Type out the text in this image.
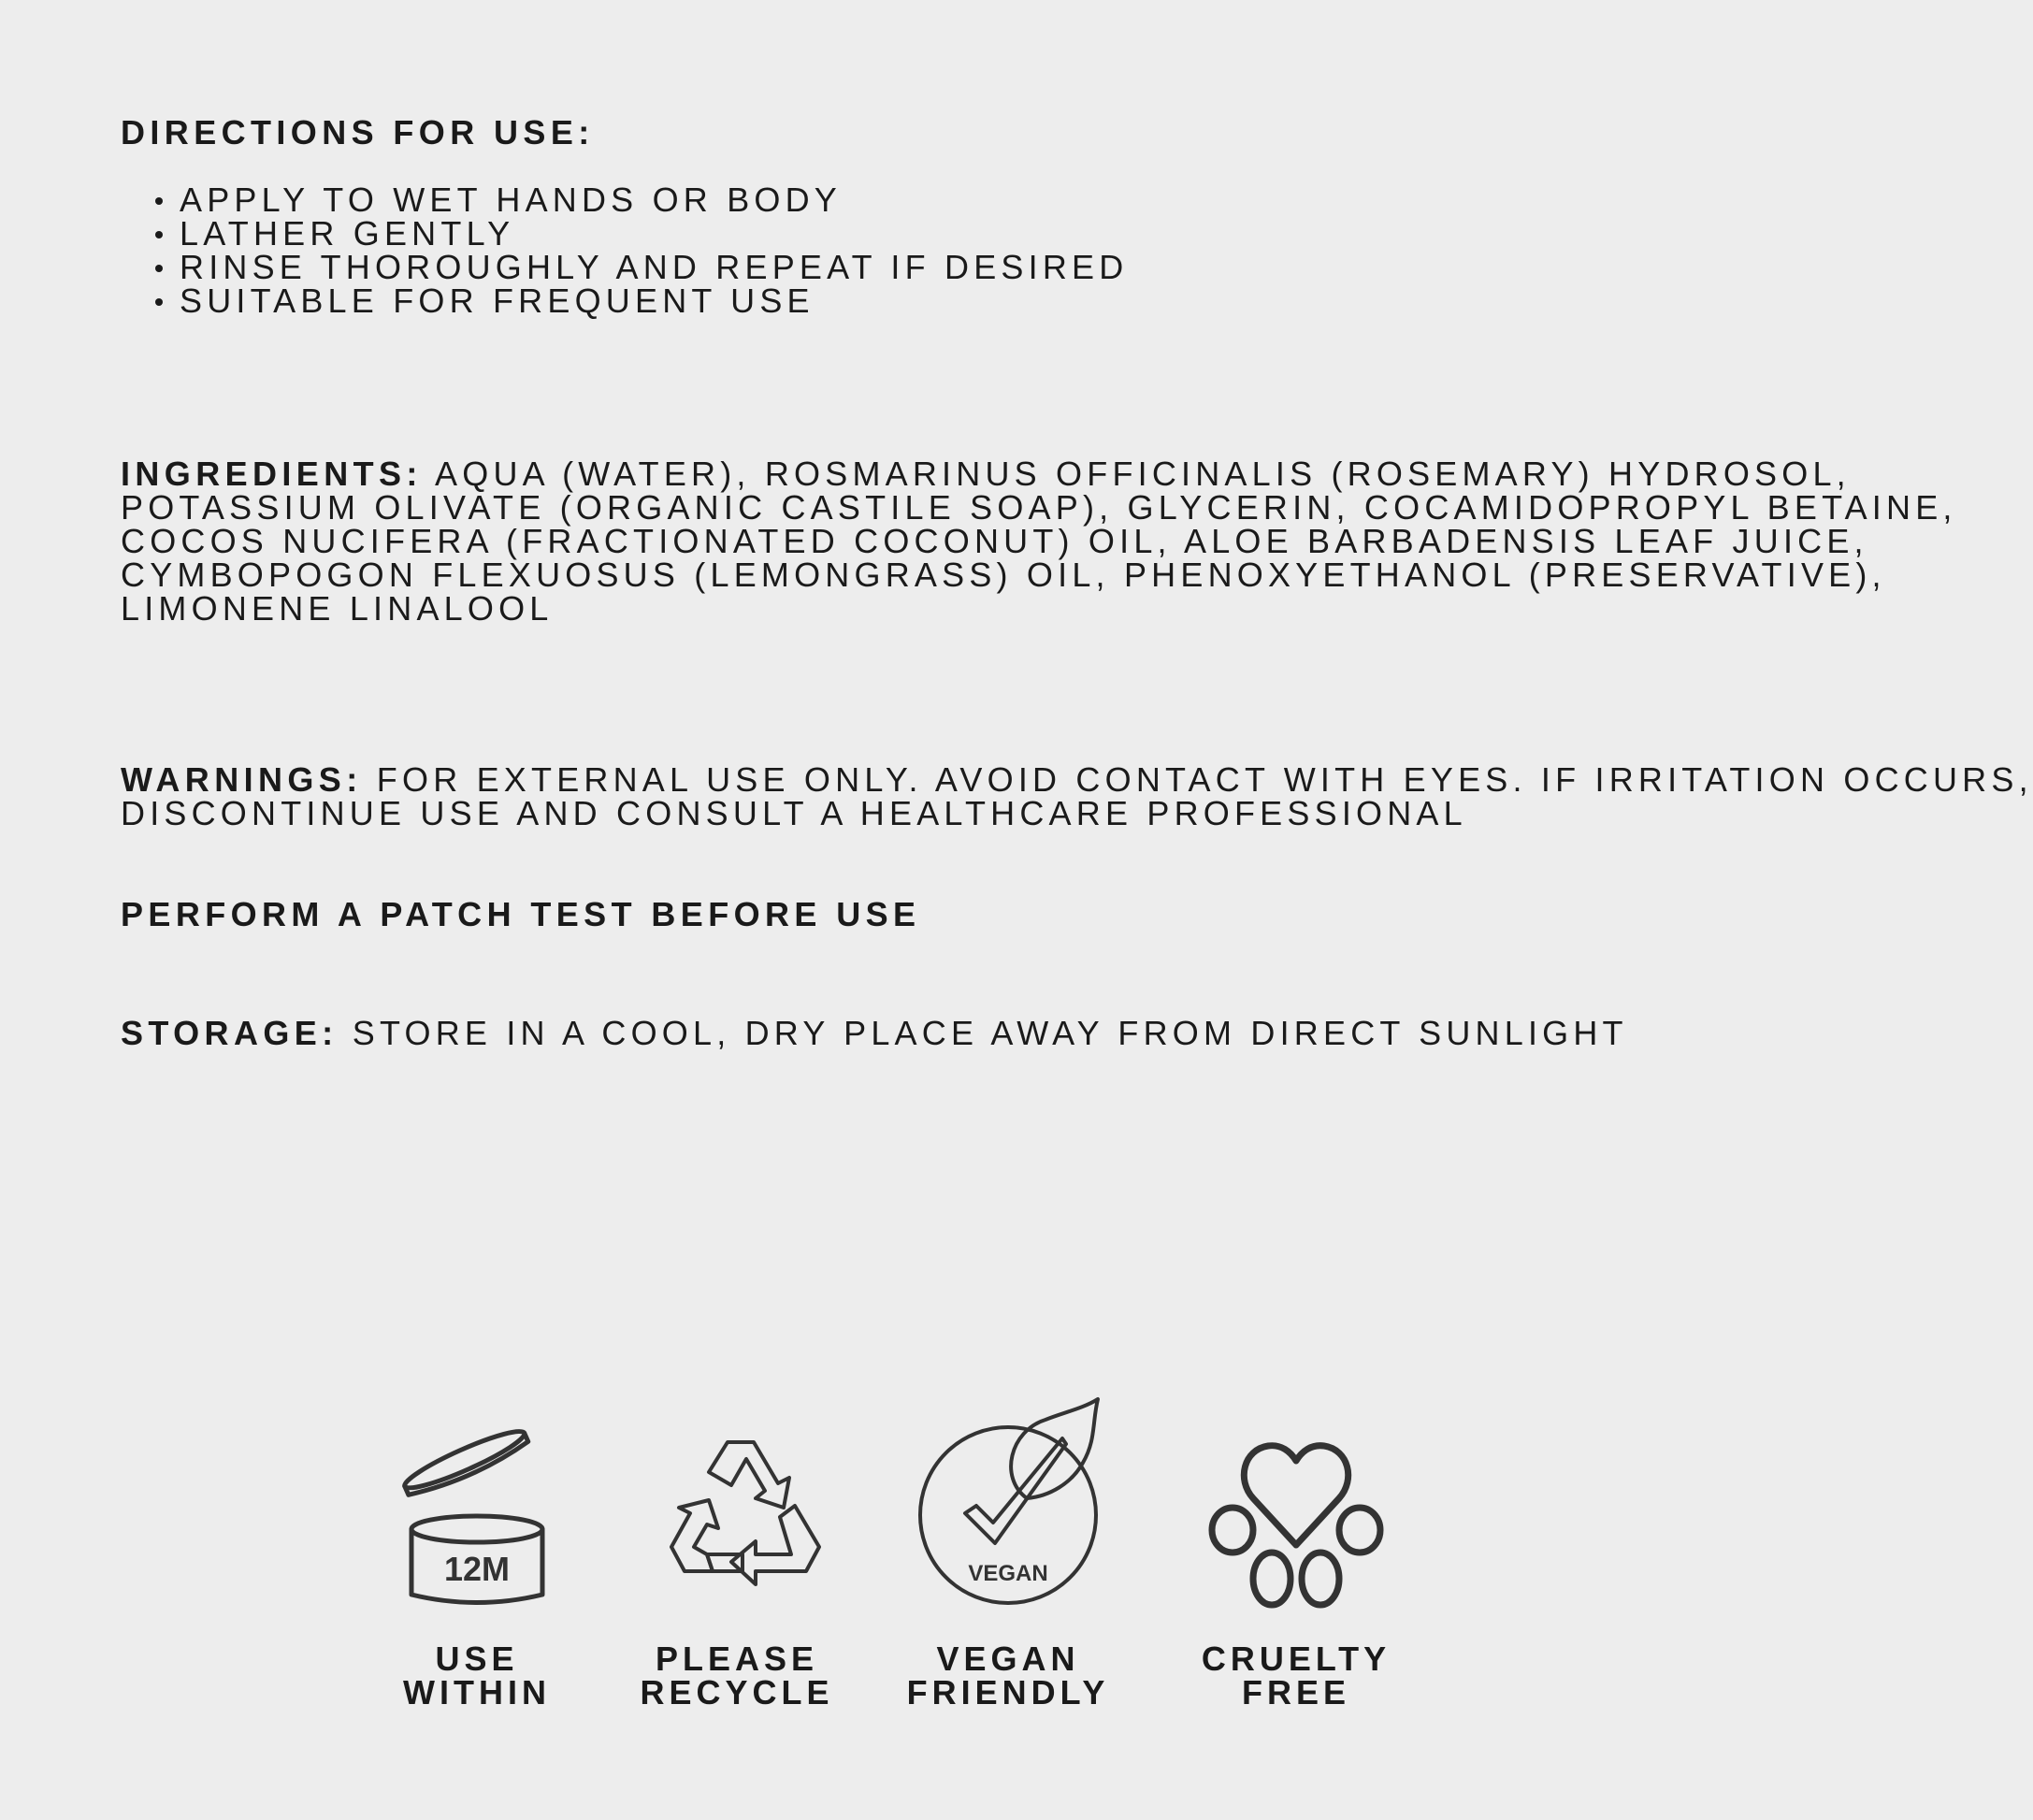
DIRECTIONS FOR USE:
APPLY TO WET HANDS OR BODY
LATHER GENTLY
RINSE THOROUGHLY AND REPEAT IF DESIRED
SUITABLE FOR FREQUENT USE
INGREDIENTS: AQUA (WATER), ROSMARINUS OFFICINALIS (ROSEMARY) HYDROSOL,
POTASSIUM OLIVATE (ORGANIC CASTILE SOAP), GLYCERIN, COCAMIDOPROPYL BETAINE,
COCOS NUCIFERA (FRACTIONATED COCONUT) OIL, ALOE BARBADENSIS LEAF JUICE,
CYMBOPOGON FLEXUOSUS (LEMONGRASS) OIL, PHENOXYETHANOL (PRESERVATIVE),
LIMONENE LINALOOL
WARNINGS: FOR EXTERNAL USE ONLY. AVOID CONTACT WITH EYES. IF IRRITATION OCCURS,
DISCONTINUE USE AND CONSULT A HEALTHCARE PROFESSIONAL
PERFORM A PATCH TEST BEFORE USE
STORAGE: STORE IN A COOL, DRY PLACE AWAY FROM DIRECT SUNLIGHT
12M
USE
WITHIN
PLEASE
RECYCLE
VEGAN
VEGAN
FRIENDLY
CRUELTY
FREE
